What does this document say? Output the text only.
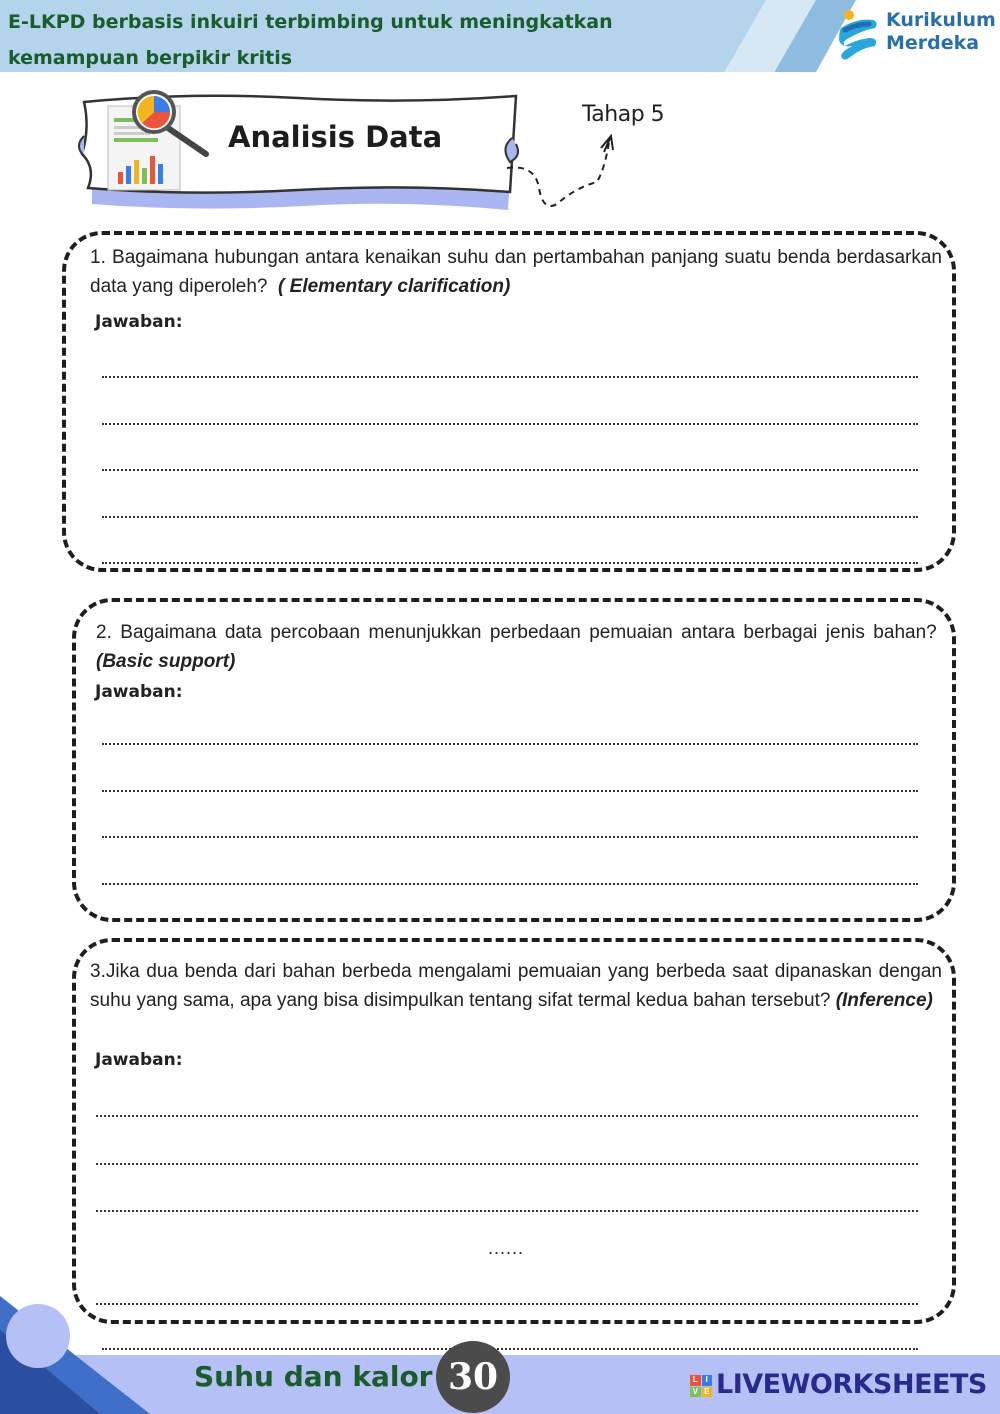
E-LKPD berbasis inkuiri terbimbing untuk meningkatkan
kemampuan berpikir kritis
Kurikulum
Merdeka
Analisis Data
Tahap 5
1. Bagaimana hubungan antara kenaikan suhu dan pertambahan panjang suatu benda berdasarkan data yang diperoleh? ( Elementary clarification)
Jawaban:
2. Bagaimana data percobaan menunjukkan perbedaan pemuaian antara berbagai jenis bahan?  (Basic support)
Jawaban:
3.Jika dua benda dari bahan berbeda mengalami pemuaian yang berbeda saat dipanaskan dengan suhu yang sama, apa yang bisa disimpulkan tentang sifat termal kedua bahan tersebut? (Inference)
Jawaban:
......
Suhu dan kalor 30	L I
V E LIVEWORKSHEETS
